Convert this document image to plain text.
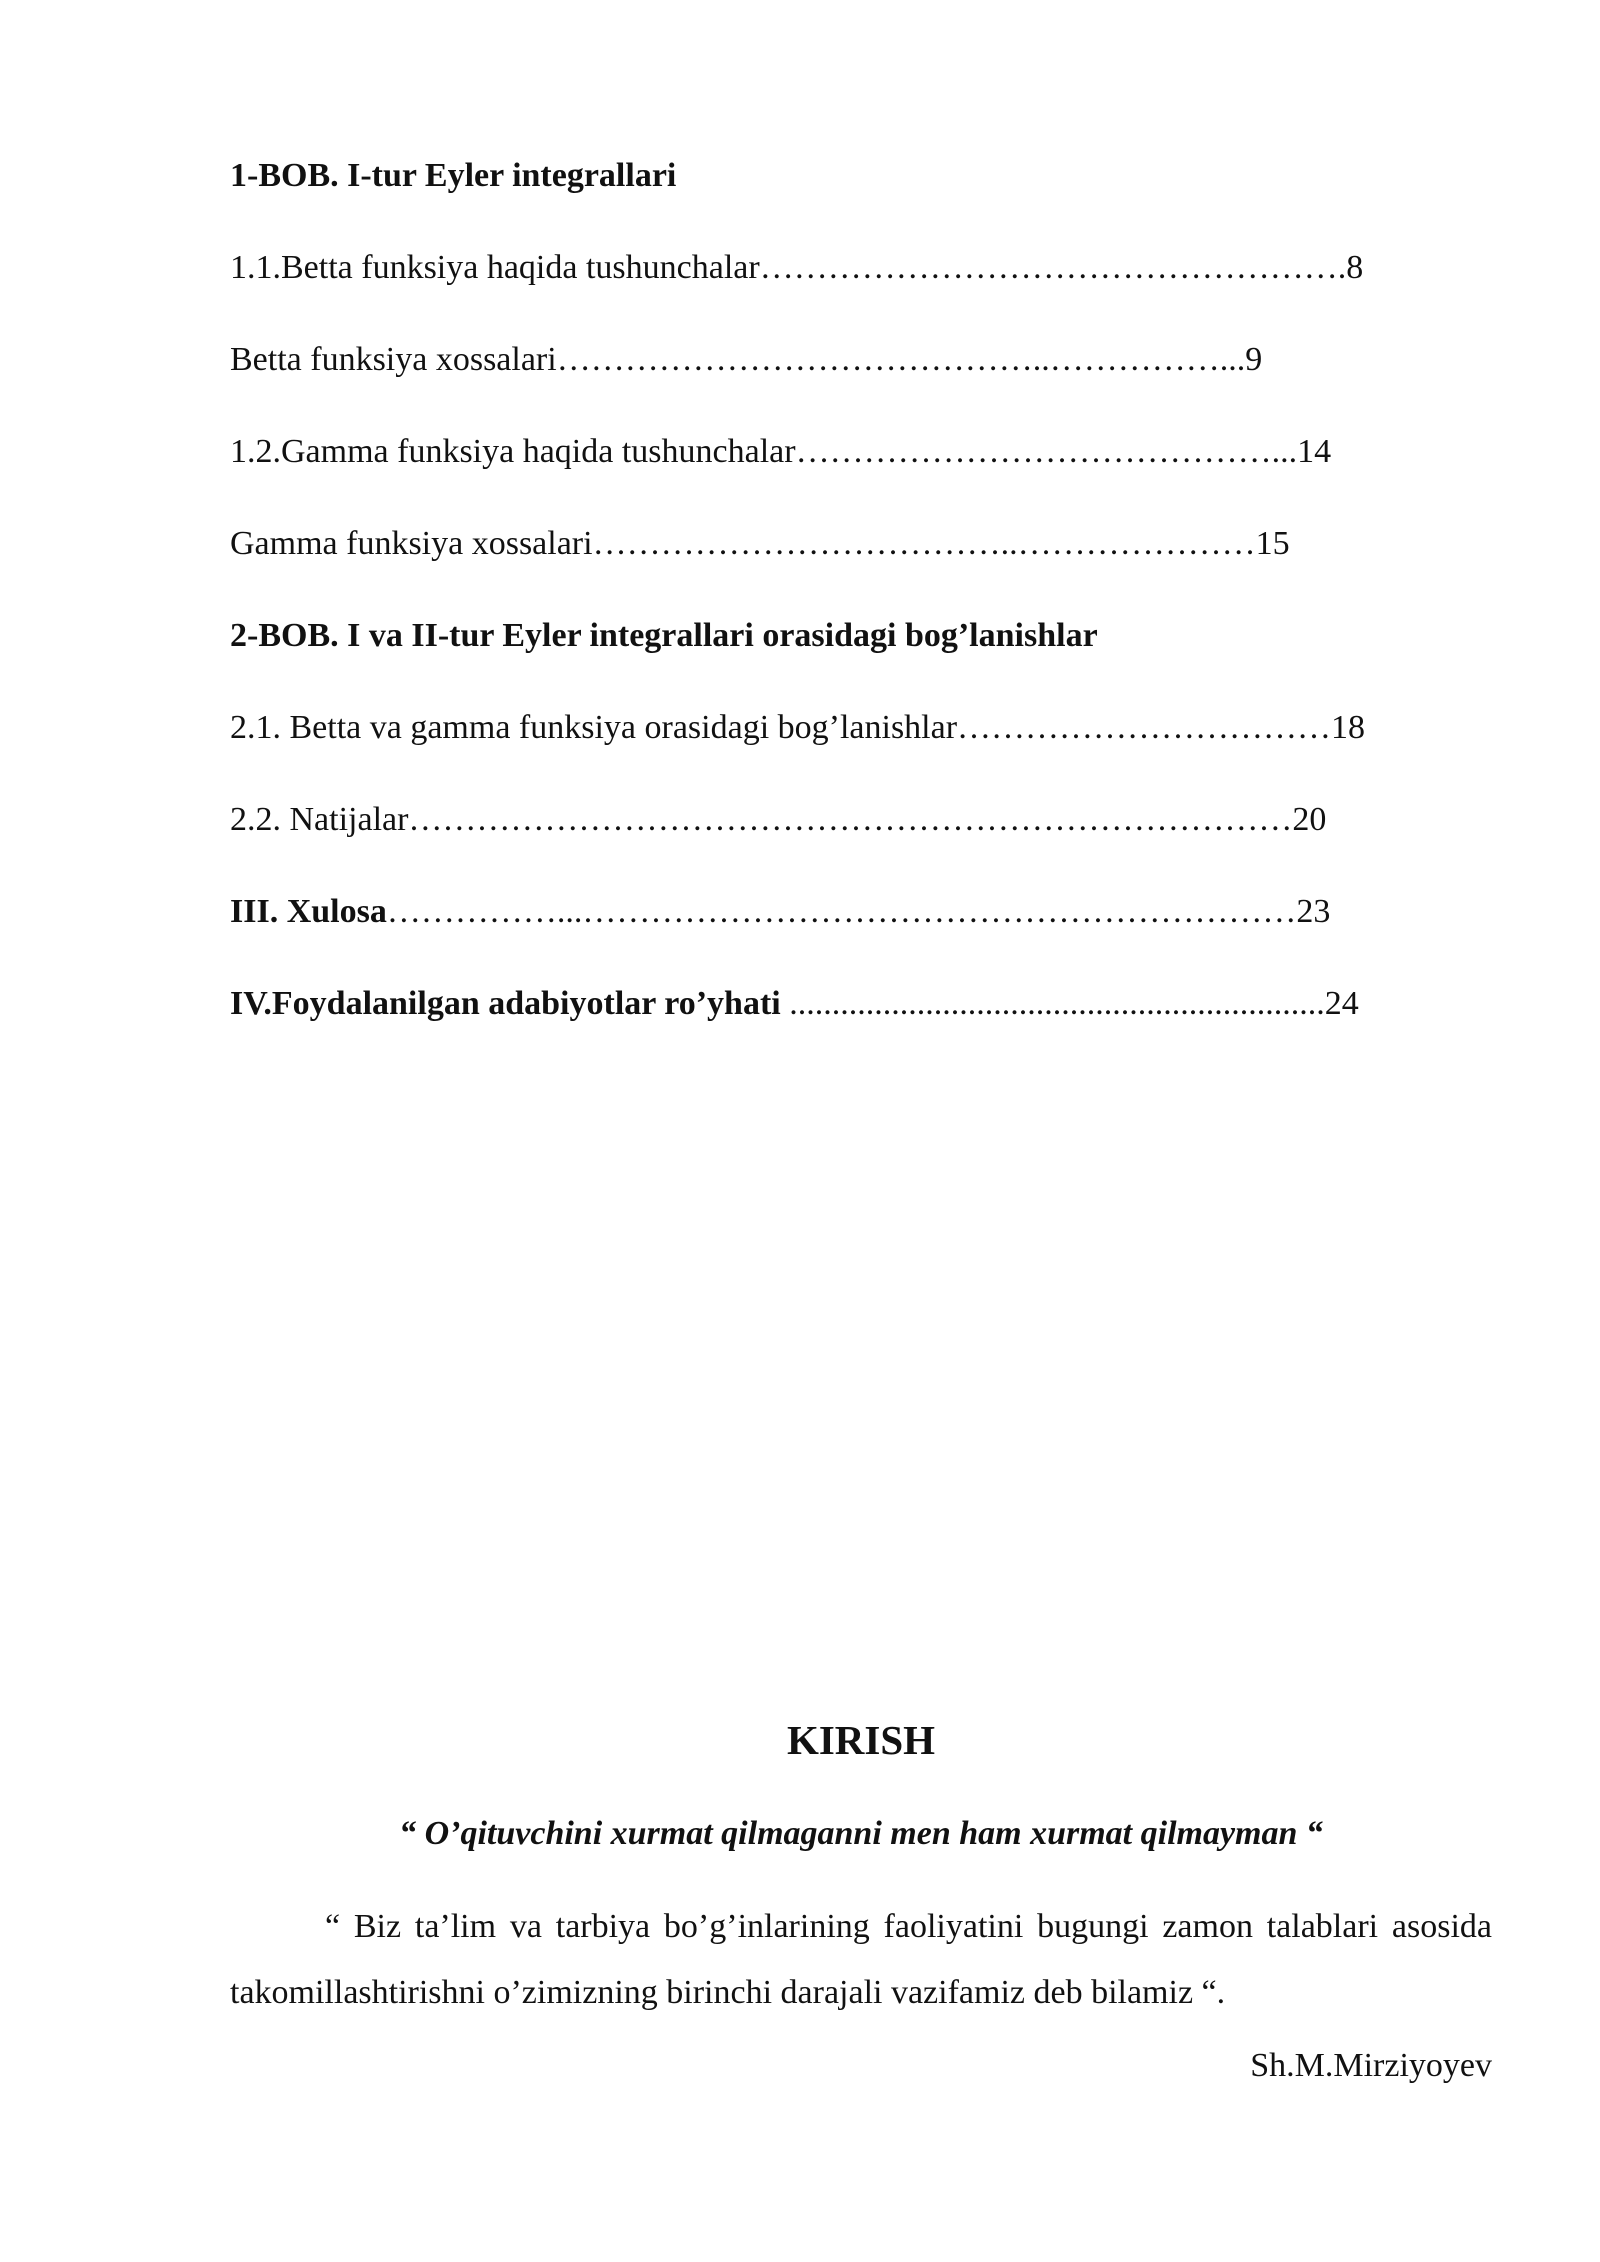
1-BOB. I-tur Eyler integrallari
1.1.Betta funksiya haqida tushunchalar…………………………………………….8
Betta funksiya xossalari……………………………………..……………...9
1.2.Gamma funksiya haqida tushunchalar……………………………………...14
Gamma funksiya xossalari………………………………..…………………15
2-BOB. I va II-tur Eyler integrallari orasidagi bog’lanishlar
2.1. Betta va gamma funksiya orasidagi bog’lanishlar……………………………18
2.2. Natijalar……………………………………………………………………20
III. Xulosa……………...………………………………………………………23
IV.Foydalanilgan adabiyotlar ro’yhati ...............................................................24
KIRISH
“ O’qituvchini xurmat qilmaganni men ham xurmat qilmayman “

“ Biz ta’lim va tarbiya bo’g’inlarining faoliyatini bugungi zamon talablari asosida takomillashtirishni o’zimizning birinchi darajali vazifamiz deb bilamiz “.

Sh.M.Mirziyoyev
